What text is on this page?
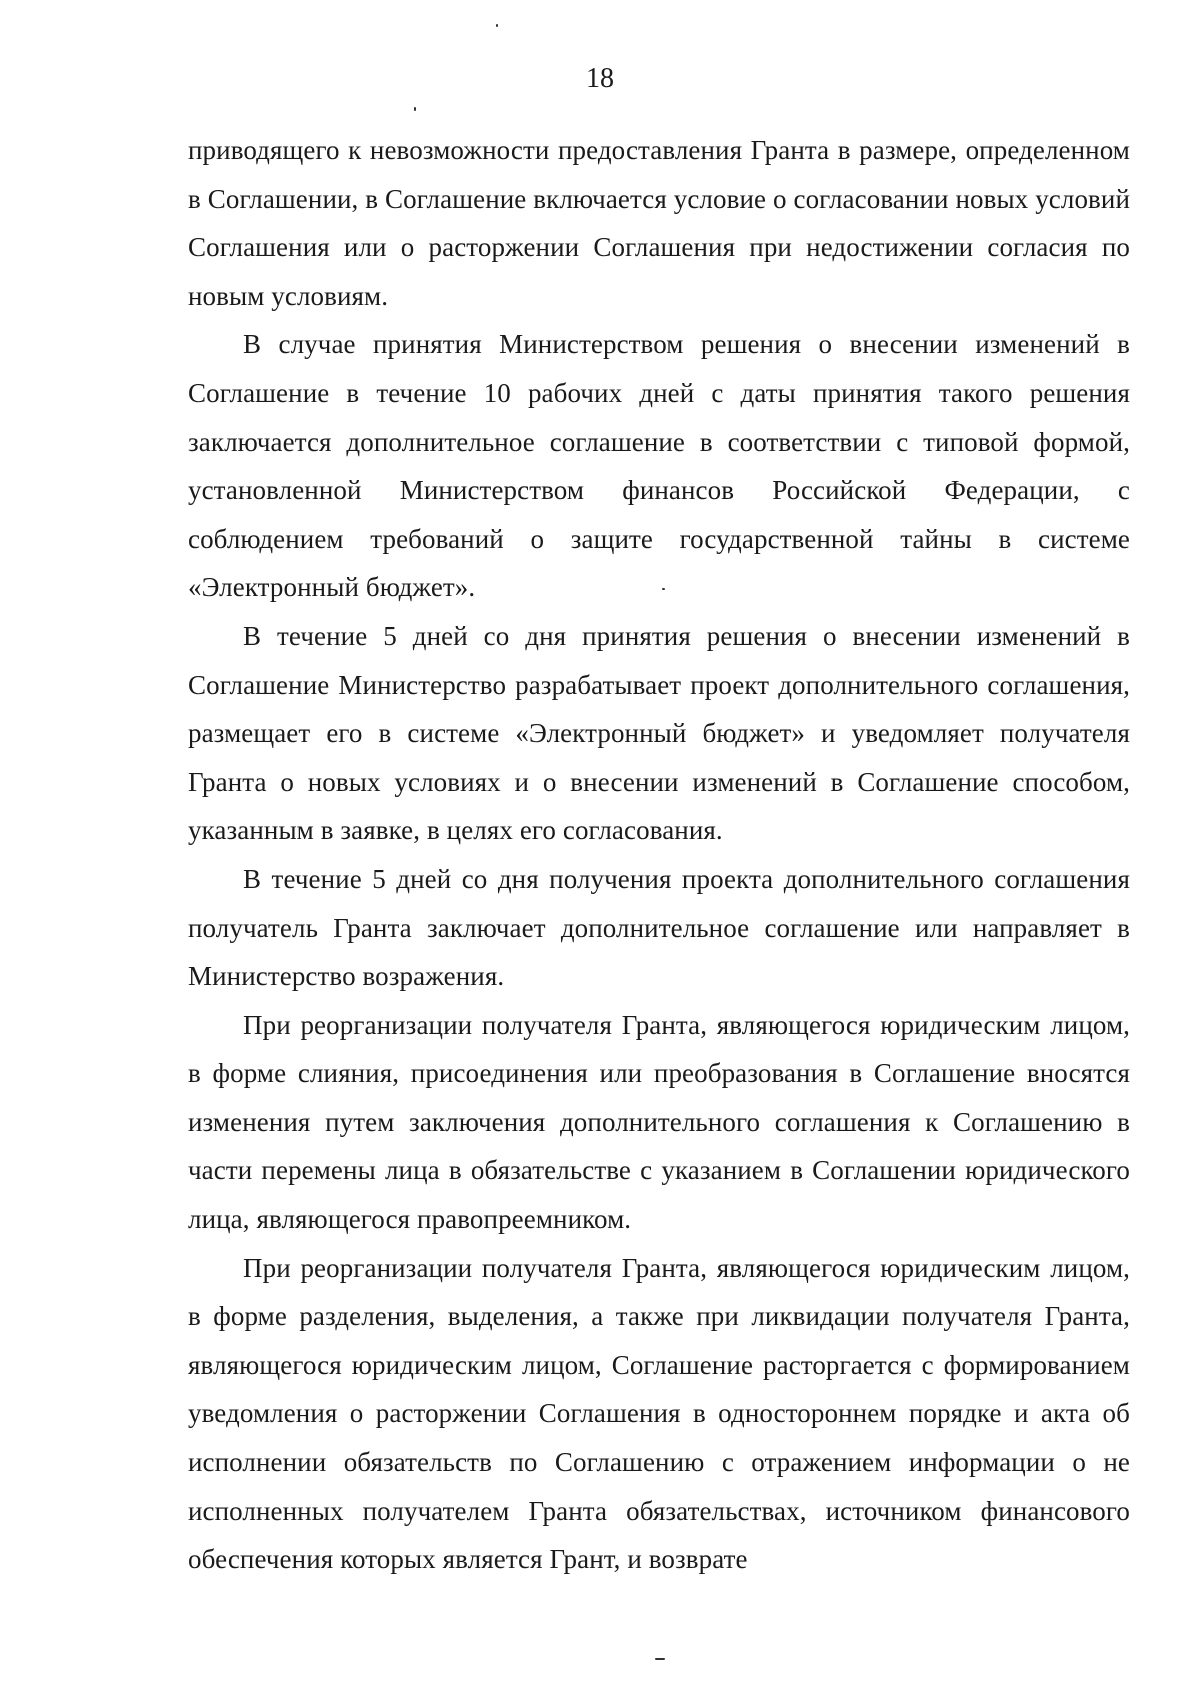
18

приводящего к невозможности предоставления Гранта в размере, определенном в Соглашении, в Соглашение включается условие о согласовании новых условий Соглашения или о расторжении Соглашения при недостижении согласия по новым условиям.

В случае принятия Министерством решения о внесении изменений в Соглашение в течение 10 рабочих дней с даты принятия такого решения заключается дополнительное соглашение в соответствии с типовой формой, установленной Министерством финансов Российской Федерации, с соблюдением требований о защите государственной тайны в системе «Электронный бюджет».

В течение 5 дней со дня принятия решения о внесении изменений в Соглашение Министерство разрабатывает проект дополнительного соглашения, размещает его в системе «Электронный бюджет» и уведомляет получателя Гранта о новых условиях и о внесении изменений в Соглашение способом, указанным в заявке, в целях его согласования.

В течение 5 дней со дня получения проекта дополнительного соглашения получатель Гранта заключает дополнительное соглашение или направляет в Министерство возражения.

При реорганизации получателя Гранта, являющегося юридическим лицом, в форме слияния, присоединения или преобразования в Соглашение вносятся изменения путем заключения дополнительного соглашения к Соглашению в части перемены лица в обязательстве с указанием в Соглашении юридического лица, являющегося правопреемником.

При реорганизации получателя Гранта, являющегося юридическим лицом, в форме разделения, выделения, а также при ликвидации получателя Гранта, являющегося юридическим лицом, Соглашение расторгается с формированием уведомления о расторжении Соглашения в одностороннем порядке и акта об исполнении обязательств по Соглашению с отражением информации о не исполненных получателем Гранта обязательствах, источником финансового обеспечения которых является Грант, и возврате
